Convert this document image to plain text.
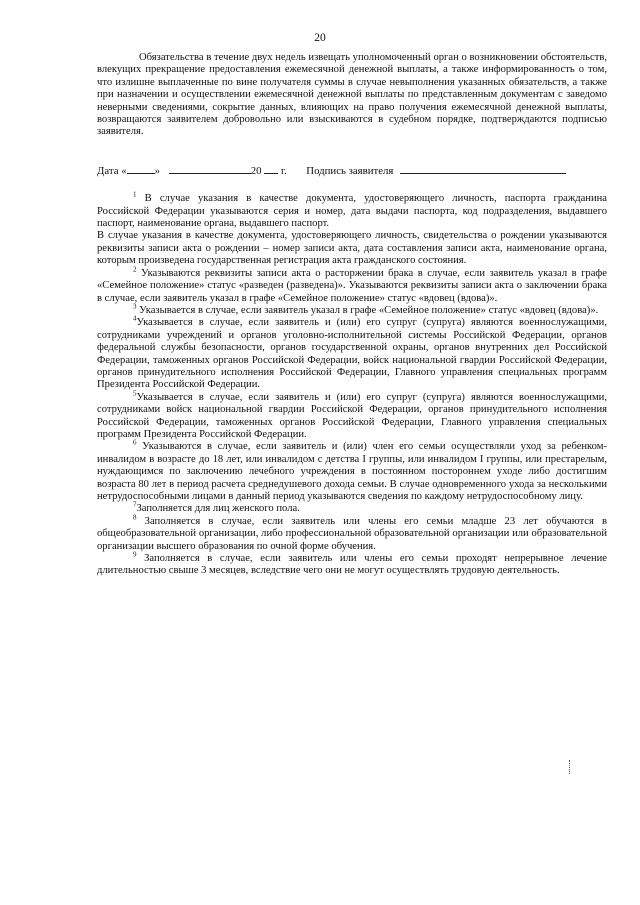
20

Обязательства в течение двух недель извещать уполномоченный орган о возникновении обстоятельств, влекущих прекращение предоставления ежемесячной денежной выплаты, а также информированность о том, что излишне выплаченные по вине получателя суммы в случае невыполнения указанных обязательств, а также при назначении и осуществлении ежемесячной денежной выплаты по представленным документам с заведомо неверными сведениями, сокрытие данных, влияющих на право получения ежемесячной денежной выплаты, возвращаются заявителем добровольно или взыскиваются в судебном порядке, подтверждаются подписью заявителя.

Дата «	»	20 г. Подпись заявителя

$^1$ В случае указания в качестве документа, удостоверяющего личность, паспорта гражданина Российской Федерации указываются серия и номер, дата выдачи паспорта, код подразделения, выдавшего паспорт, наименование органа, выдавшего паспорт.

В случае указания в качестве документа, удостоверяющего личность, свидетельства о рождении указываются реквизиты записи акта о рождении – номер записи акта, дата составления записи акта, наименование органа, которым произведена государственная регистрация акта гражданского состояния.

$^2$ Указываются реквизиты записи акта о расторжении брака в случае, если заявитель указал в графе «Семейное положение» статус «разведен (разведена)». Указываются реквизиты записи акта о заключении брака в случае, если заявитель указал в графе «Семейное положение» статус «вдовец (вдова)».

$^3$ Указывается в случае, если заявитель указал в графе «Семейное положение» статус «вдовец (вдова)».

$^4$Указывается в случае, если заявитель и (или) его супруг (супруга) являются военнослужащими, сотрудниками учреждений и органов уголовно-исполнительной системы Российской Федерации, органов федеральной службы безопасности, органов государственной охраны, органов внутренних дел Российской Федерации, таможенных органов Российской Федерации, войск национальной гвардии Российской Федерации, органов принудительного исполнения Российской Федерации, Главного управления специальных программ Президента Российской Федерации.

$^5$Указывается в случае, если заявитель и (или) его супруг (супруга) являются военнослужащими, сотрудниками войск национальной гвардии Российской Федерации, органов принудительного исполнения Российской Федерации, таможенных органов Российской Федерации, Главного управления специальных программ Президента Российской Федерации.

$^6$ Указываются в случае, если заявитель и (или) член его семьи осуществляли уход за ребенком-инвалидом в возрасте до 18 лет, или инвалидом с детства I группы, или инвалидом I группы, или престарелым, нуждающимся по заключению лечебного учреждения в постоянном постороннем уходе либо достигшим возраста 80 лет в период расчета среднедушевого дохода семьи. В случае одновременного ухода за несколькими нетрудоспособными лицами в данный период указываются сведения по каждому нетрудоспособному лицу.

$^7$Заполняется для лиц женского пола.

$^8$ Заполняется в случае, если заявитель или члены его семьи младше 23 лет обучаются в общеобразовательной организации, либо профессиональной образовательной организации или образовательной организации высшего образования по очной форме обучения.

$^9$ Заполняется в случае, если заявитель или члены его семьи проходят непрерывное лечение длительностью свыше 3 месяцев, вследствие чего они не могут осуществлять трудовую деятельность.
